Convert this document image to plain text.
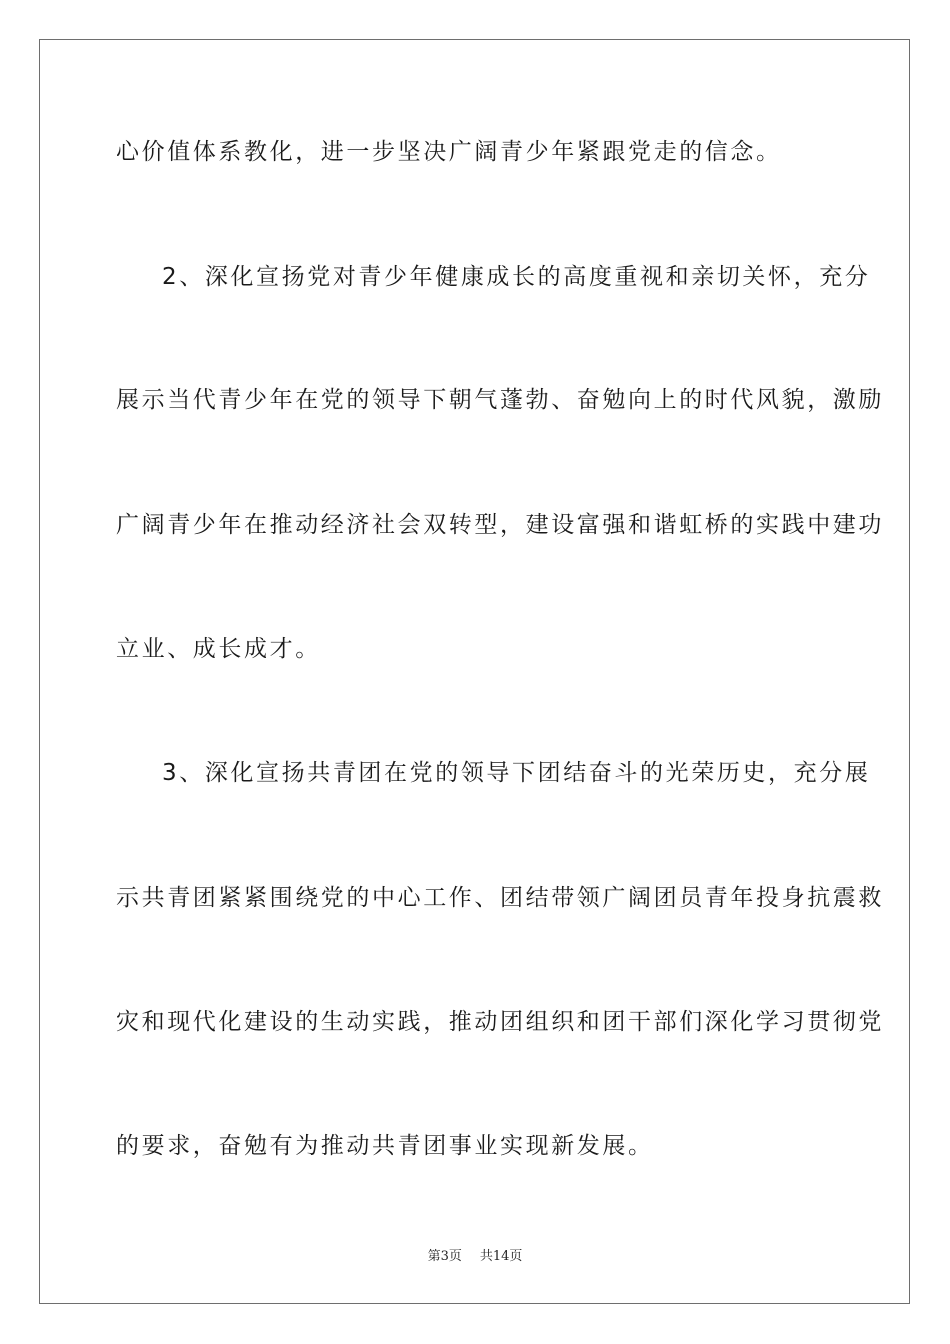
心价值体系教化，进一步坚决广阔青少年紧跟党走的信念。

2、深化宣扬党对青少年健康成长的高度重视和亲切关怀，充分

展示当代青少年在党的领导下朝气蓬勃、奋勉向上的时代风貌，激励

广阔青少年在推动经济社会双转型，建设富强和谐虹桥的实践中建功

立业、成长成才。

3、深化宣扬共青团在党的领导下团结奋斗的光荣历史，充分展

示共青团紧紧围绕党的中心工作、团结带领广阔团员青年投身抗震救

灾和现代化建设的生动实践，推动团组织和团干部们深化学习贯彻党

的要求，奋勉有为推动共青团事业实现新发展。

第3页 共14页
